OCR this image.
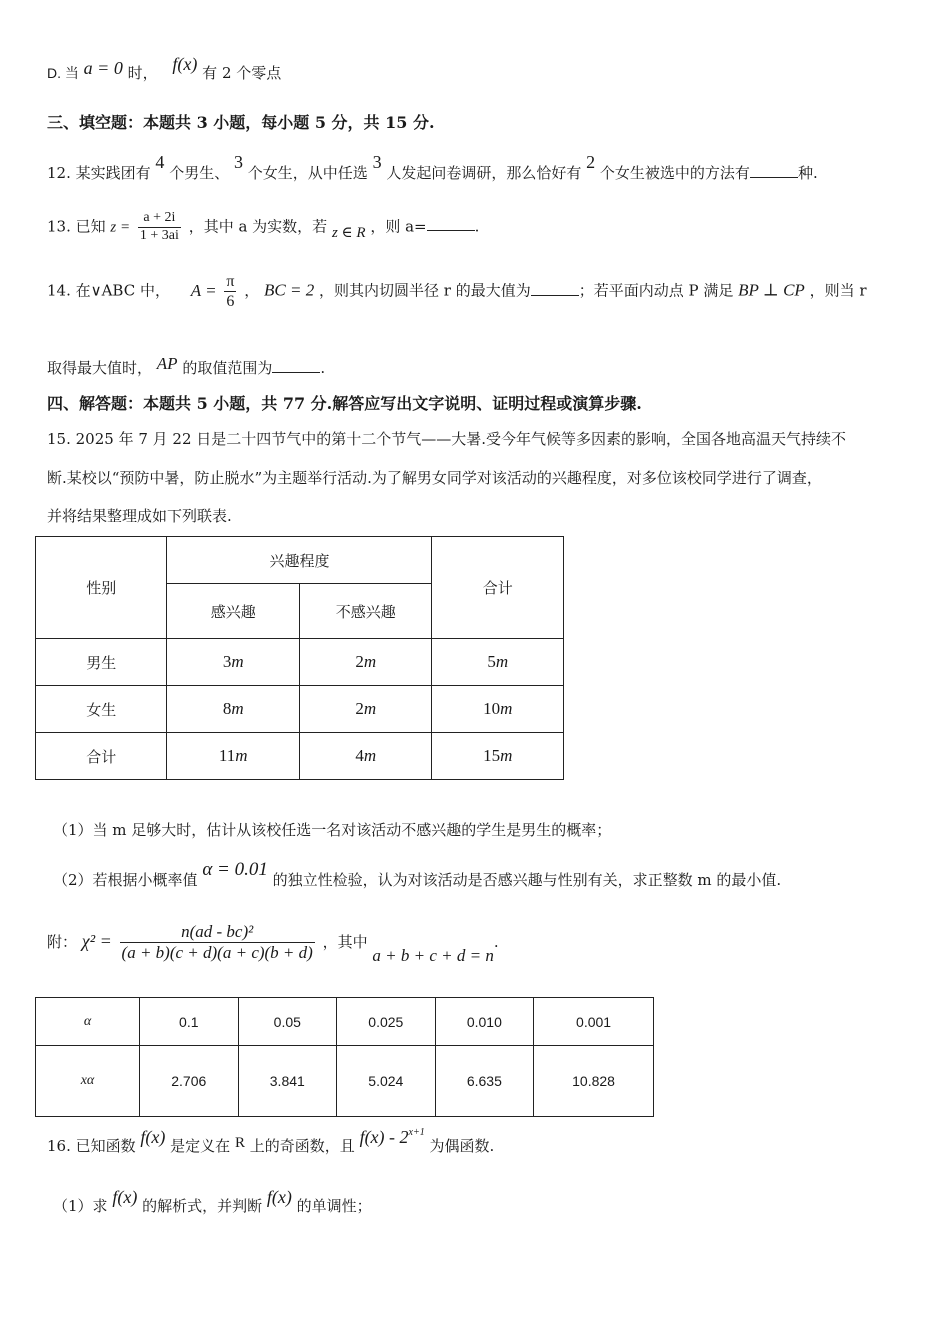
D. 当 a = 0 时， f(x) 有 2 个零点
三、填空题：本题共 3 小题，每小题 5 分，共 15 分.
12. 某实践团有 4 个男生、 3 个女生，从中任选 3 人发起问卷调研，那么恰好有 2 个女生被选中的方法有	种.
13. 已知 $z = \frac{a + 2i}{1 + 3ai}$ ，其中 a 为实数，若 z ∈ R ，则 a=	.
14. 在∨ABC 中， $A = \frac{\pi}{6}$ ， BC = 2 ，则其内切圆半径 r 的最大值为	；若平面内动点 P 满足 BP ⊥ CP ，则当 r
取得最大值时， AP 的取值范围为	.
四、解答题：本题共 5 小题，共 77 分.解答应写出文字说明、证明过程或演算步骤.
15. 2025 年 7 月 22 日是二十四节气中的第十二个节气——大暑.受今年气候等多因素的影响，全国各地高温天气持续不
断.某校以“预防中暑，防止脱水”为主题举行活动.为了解男女同学对该活动的兴趣程度，对多位该校同学进行了调查，
并将结果整理成如下列联表.
性别	兴趣程度		合计
	感兴趣	不感兴趣	
男生	3m	2m	5m
女生	8m	2m	10m
合计	11m	4m	15m
（1）当 m 足够大时，估计从该校任选一名对该活动不感兴趣的学生是男生的概率；
（2）若根据小概率值 α = 0.01 的独立性检验，认为对该活动是否感兴趣与性别有关，求正整数 m 的最小值.
附： $\chi^2 = \frac{\text{n(ad - bc)²}}{(a + b)(c + d)(a + c)(b + d)}$ ，其中 a + b + c + d = n.
α	0.1	0.05	0.025	0.010	0.001
xα	2.706	3.841	5.024	6.635	10.828
16. 已知函数 f(x) 是定义在 R 上的奇函数，且 $f(x) - 2^{x+1}$ 为偶函数.
（1）求 f(x) 的解析式，并判断 f(x) 的单调性；
